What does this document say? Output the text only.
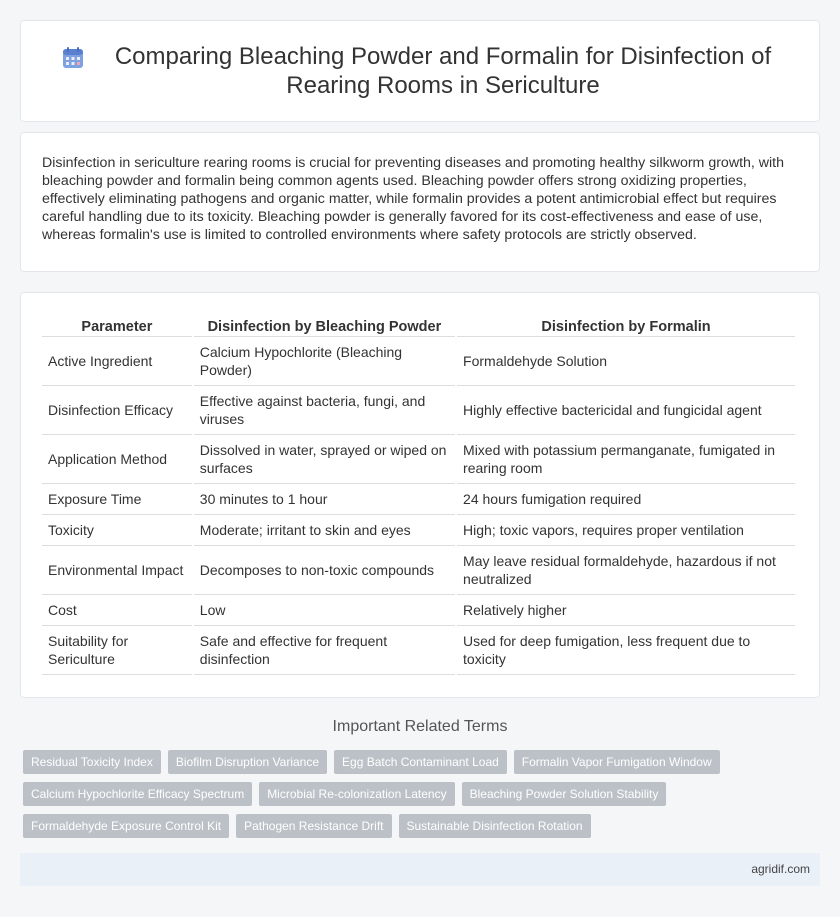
Comparing Bleaching Powder and Formalin for Disinfection of Rearing Rooms in Sericulture

Disinfection in sericulture rearing rooms is crucial for preventing diseases and promoting healthy silkworm growth, with bleaching powder and formalin being common agents used. Bleaching powder offers strong oxidizing properties, effectively eliminating pathogens and organic matter, while formalin provides a potent antimicrobial effect but requires careful handling due to its toxicity. Bleaching powder is generally favored for its cost-effectiveness and ease of use, whereas formalin's use is limited to controlled environments where safety protocols are strictly observed.

Parameter	Disinfection by Bleaching Powder	Disinfection by Formalin
Active Ingredient	Calcium Hypochlorite (Bleaching Powder)	Formaldehyde Solution
Disinfection Efficacy	Effective against bacteria, fungi, and viruses	Highly effective bactericidal and fungicidal agent
Application Method	Dissolved in water, sprayed or wiped on surfaces	Mixed with potassium permanganate, fumigated in rearing room
Exposure Time	30 minutes to 1 hour	24 hours fumigation required
Toxicity	Moderate; irritant to skin and eyes	High; toxic vapors, requires proper ventilation
Environmental Impact	Decomposes to non-toxic compounds	May leave residual formaldehyde, hazardous if not neutralized
Cost	Low	Relatively higher
Suitability for Sericulture	Safe and effective for frequent disinfection	Used for deep fumigation, less frequent due to toxicity
Important Related Terms
Residual Toxicity Index	Biofilm Disruption Variance	Egg Batch Contaminant Load	Formalin Vapor Fumigation Window
Calcium Hypochlorite Efficacy Spectrum	Microbial Re-colonization Latency	Bleaching Powder Solution Stability
Formaldehyde Exposure Control Kit	Pathogen Resistance Drift	Sustainable Disinfection Rotation
agridif.com
